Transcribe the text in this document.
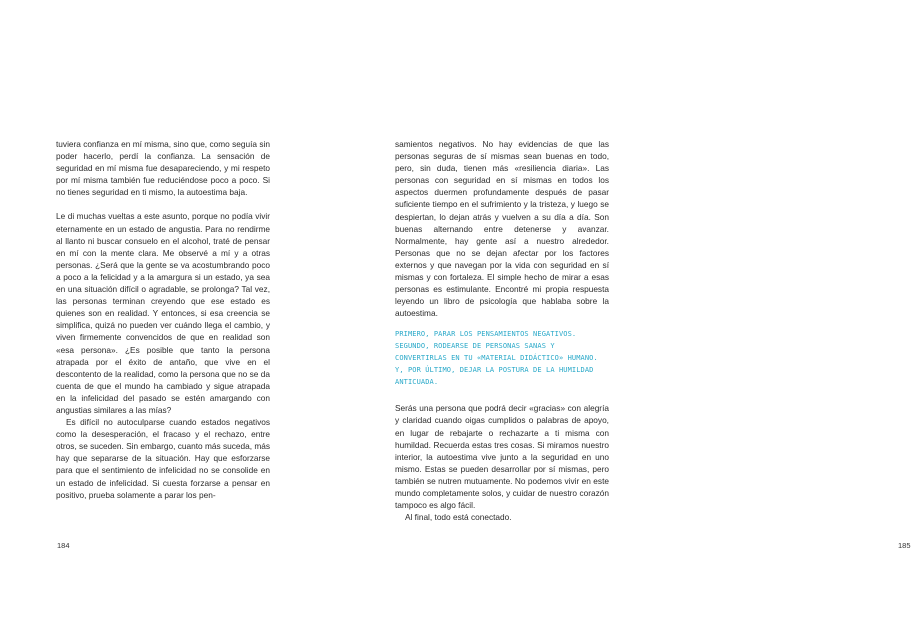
tuviera confianza en mí misma, sino que, como seguía sin poder hacerlo, perdí la confianza. La sensación de seguridad en mí misma fue desapareciendo, y mi respeto por mí misma también fue reduciéndose poco a poco. Si no tienes seguridad en ti mismo, la autoestima baja.

Le di muchas vueltas a este asunto, porque no podía vivir eternamente en un estado de angustia. Para no rendirme al llanto ni buscar consuelo en el alcohol, traté de pensar en mí con la mente clara. Me observé a mí y a otras personas. ¿Será que la gente se va acostumbrando poco a poco a la felicidad y a la amargura si un estado, ya sea en una situación difícil o agradable, se prolonga? Tal vez, las personas terminan creyendo que ese estado es quienes son en realidad. Y entonces, si esa creencia se simplifica, quizá no pueden ver cuándo llega el cambio, y viven firmemente convencidos de que en realidad son «esa persona». ¿Es posible que tanto la persona atrapada por el éxito de antaño, que vive en el descontento de la realidad, como la persona que no se da cuenta de que el mundo ha cambiado y sigue atrapada en la infelicidad del pasado se estén amargando con angustias similares a las mías?

Es difícil no autoculparse cuando estados negativos como la desesperación, el fracaso y el rechazo, entre otros, se suceden. Sin embargo, cuanto más suceda, más hay que separarse de la situación. Hay que esforzarse para que el sentimiento de infelicidad no se consolide en un estado de infelicidad. Si cuesta forzarse a pensar en positivo, prueba solamente a parar los pen-

184

samientos negativos. No hay evidencias de que las personas seguras de sí mismas sean buenas en todo, pero, sin duda, tienen más «resiliencia diaria». Las personas con seguridad en sí mismas en todos los aspectos duermen profundamente después de pasar suficiente tiempo en el sufrimiento y la tristeza, y luego se despiertan, lo dejan atrás y vuelven a su día a día. Son buenas alternando entre detenerse y avanzar. Normalmente, hay gente así a nuestro alrededor. Personas que no se dejan afectar por los factores externos y que navegan por la vida con seguridad en sí mismas y con fortaleza. El simple hecho de mirar a esas personas es estimulante. Encontré mi propia respuesta leyendo un libro de psicología que hablaba sobre la autoestima.

PRIMERO, PARAR LOS PENSAMIENTOS NEGATIVOS.
SEGUNDO, RODEARSE DE PERSONAS SANAS Y CONVERTIRLAS EN TU «MATERIAL DIDÁCTICO» HUMANO.
Y, POR ÚLTIMO, DEJAR LA POSTURA DE LA HUMILDAD ANTICUADA.

Serás una persona que podrá decir «gracias» con alegría y claridad cuando oigas cumplidos o palabras de apoyo, en lugar de rebajarte o rechazarte a ti misma con humildad. Recuerda estas tres cosas. Si miramos nuestro interior, la autoestima vive junto a la seguridad en uno mismo. Estas se pueden desarrollar por sí mismas, pero también se nutren mutuamente. No podemos vivir en este mundo completamente solos, y cuidar de nuestro corazón tampoco es algo fácil.

Al final, todo está conectado.

185
